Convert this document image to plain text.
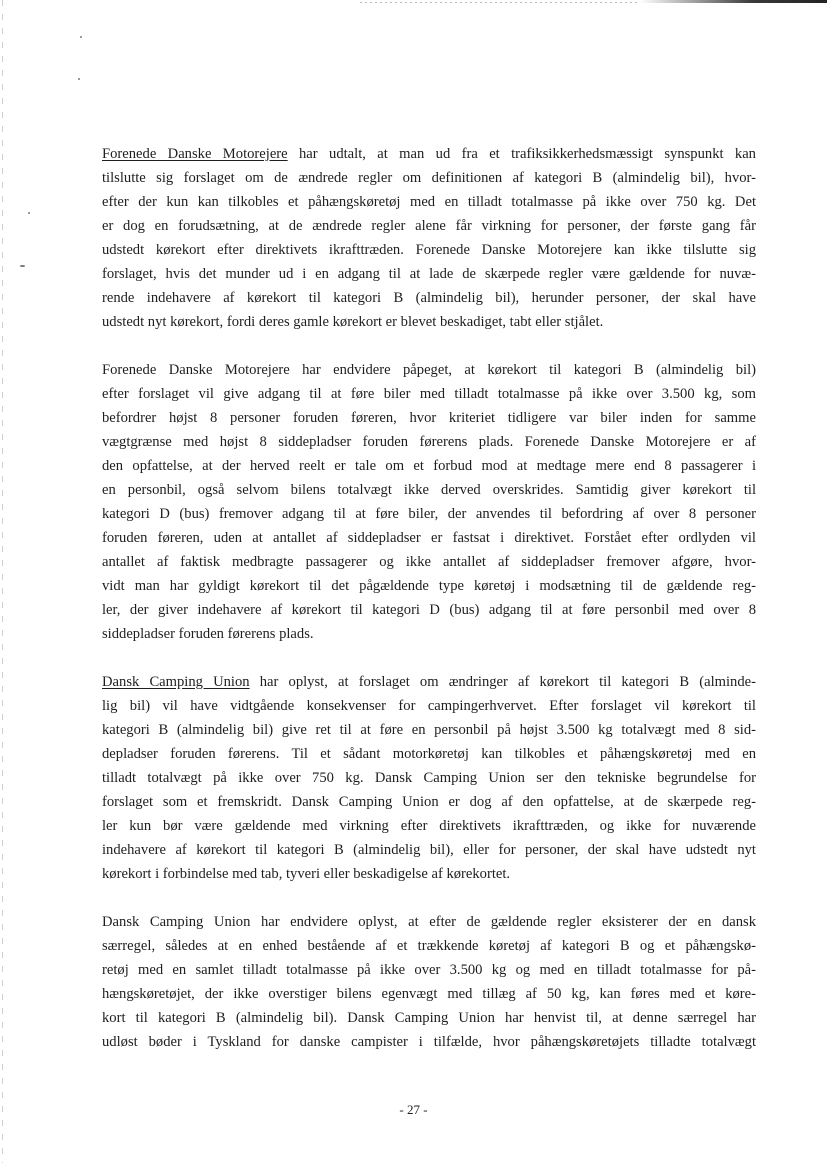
Forenede Danske Motorejere har udtalt, at man ud fra et trafiksikkerhedsmæssigt synspunkt kan
tilslutte sig forslaget om de ændrede regler om definitionen af kategori B (almindelig bil), hvor-
efter der kun kan tilkobles et påhængskøretøj med en tilladt totalmasse på ikke over 750 kg. Det
er dog en forudsætning, at de ændrede regler alene får virkning for personer, der første gang får
udstedt kørekort efter direktivets ikrafttræden. Forenede Danske Motorejere kan ikke tilslutte sig
forslaget, hvis det munder ud i en adgang til at lade de skærpede regler være gældende for nuvæ-
rende indehavere af kørekort til kategori B (almindelig bil), herunder personer, der skal have
udstedt nyt kørekort, fordi deres gamle kørekort er blevet beskadiget, tabt eller stjålet.
Forenede Danske Motorejere har endvidere påpeget, at kørekort til kategori B (almindelig bil)
efter forslaget vil give adgang til at føre biler med tilladt totalmasse på ikke over 3.500 kg, som
befordrer højst 8 personer foruden føreren, hvor kriteriet tidligere var biler inden for samme
vægtgrænse med højst 8 siddepladser foruden førerens plads. Forenede Danske Motorejere er af
den opfattelse, at der herved reelt er tale om et forbud mod at medtage mere end 8 passagerer i
en personbil, også selvom bilens totalvægt ikke derved overskrides. Samtidig giver kørekort til
kategori D (bus) fremover adgang til at føre biler, der anvendes til befordring af over 8 personer
foruden føreren, uden at antallet af siddepladser er fastsat i direktivet. Forstået efter ordlyden vil
antallet af faktisk medbragte passagerer og ikke antallet af siddepladser fremover afgøre, hvor-
vidt man har gyldigt kørekort til det pågældende type køretøj i modsætning til de gældende reg-
ler, der giver indehavere af kørekort til kategori D (bus) adgang til at føre personbil med over 8
siddepladser foruden førerens plads.
Dansk Camping Union har oplyst, at forslaget om ændringer af kørekort til kategori B (alminde-
lig bil) vil have vidtgående konsekvenser for campingerhvervet. Efter forslaget vil kørekort til
kategori B (almindelig bil) give ret til at føre en personbil på højst 3.500 kg totalvægt med 8 sid-
depladser foruden førerens. Til et sådant motorkøretøj kan tilkobles et påhængskøretøj med en
tilladt totalvægt på ikke over 750 kg. Dansk Camping Union ser den tekniske begrundelse for
forslaget som et fremskridt. Dansk Camping Union er dog af den opfattelse, at de skærpede reg-
ler kun bør være gældende med virkning efter direktivets ikrafttræden, og ikke for nuværende
indehavere af kørekort til kategori B (almindelig bil), eller for personer, der skal have udstedt nyt
kørekort i forbindelse med tab, tyveri eller beskadigelse af kørekortet.
Dansk Camping Union har endvidere oplyst, at efter de gældende regler eksisterer der en dansk
særregel, således at en enhed bestående af et trækkende køretøj af kategori B og et påhængskø-
retøj med en samlet tilladt totalmasse på ikke over 3.500 kg og med en tilladt totalmasse for på-
hængskøretøjet, der ikke overstiger bilens egenvægt med tillæg af 50 kg, kan føres med et køre-
kort til kategori B (almindelig bil). Dansk Camping Union har henvist til, at denne særregel har
udløst bøder i Tyskland for danske campister i tilfælde, hvor påhængskøretøjets tilladte totalvægt
- 27 -
